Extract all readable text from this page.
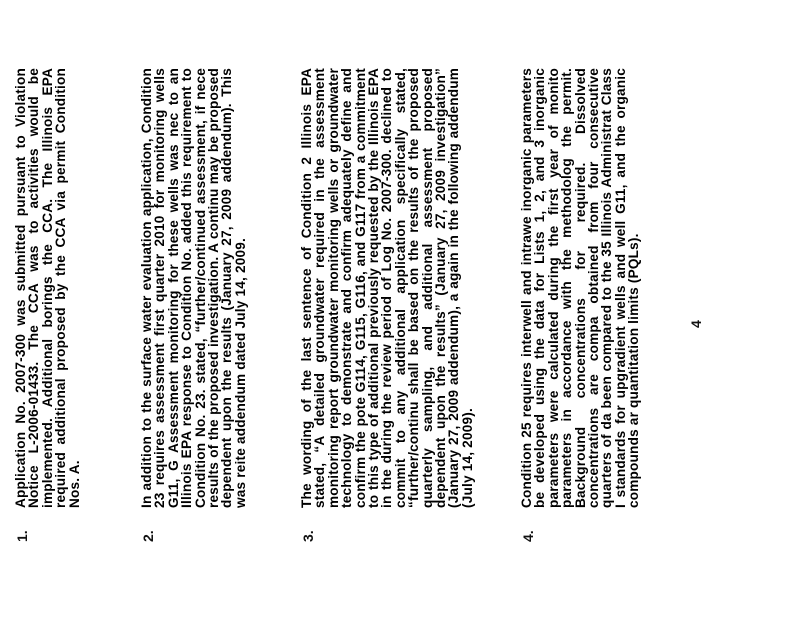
1.
Application No. 2007-300 was submitted pursuant to Violation Notice L-2006-01433. The CCA was to activities would be implemented. Additional borings the CCA. The Illinois EPA required additional proposed by the CCA via permit Condition Nos. A.
2.
In addition to the surface water evaluation application, Condition 23 requires assessment first quarter 2010 for monitoring wells G11, G Assessment monitoring for these wells was nec to an Illinois EPA response to Condition No. added this requirement to Condition No. 23. stated, “further/continued assessment, if nece results of the proposed investigation. A continu may be proposed dependent upon the results (January 27, 2009 addendum). This was reite addendum dated July 14, 2009.
3.
The wording of the last sentence of Condition 2 Illinois EPA stated, “A detailed groundwater required in the assessment monitoring report groundwater monitoring wells or groundwater technology to demonstrate and confirm adequately define and confirm the pote G114, G115, G116, and G117 from a commitment to this type of additional previously requested by the Illinois EPA in the during the review period of Log No. 2007-300. declined to commit to any additional application specifically stated, “further/continu shall be based on the results of the proposed quarterly sampling, and additional assessment proposed dependent upon the results” (January 27, 2009 investigation” (January 27, 2009 addendum), a again in the following addendum (July 14, 2009).
4.
Condition 25 requires interwell and intrawe inorganic parameters be developed using the data for Lists 1, 2, and 3 inorganic parameters were calculated during the first year of monito parameters in accordance with the methodolog the permit. Background concentrations for required. Dissolved concentrations are compa obtained from four consecutive quarters of da been compared to the 35 Illinois Administrat Class I standards for upgradient wells and well G11, and the organic compounds ar quantitation limits (PQLs).	4
